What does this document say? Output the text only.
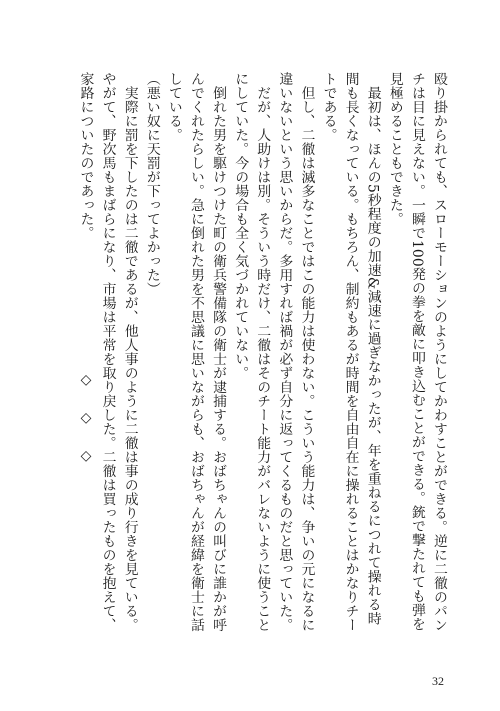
殴り掛かられても、スローモーションのようにしてかわすことができる。逆に二徹のパンチは目に見えない。一瞬で100発の拳を敵に叩き込むことができる。銃で撃たれても弾を見極めることもできた。

最初は、ほんの5秒程度の加速&減速に過ぎなかったが、年を重ねるにつれて操れる時間も長くなっている。もちろん、制約もあるが時間を自由自在に操れることはかなりチートである。

但し、二徹は滅多なことではこの能力は使わない。こういう能力は、争いの元になるに違いないという思いからだ。多用すれば禍が必ず自分に返ってくるものだと思っていた。

だが、人助けは別。そういう時だけ、二徹はそのチート能力がバレないように使うことにしていた。今の場合も全く気づかれていない。

倒れた男を駆けつけた町の衛兵警備隊の衛士が逮捕する。おばちゃんの叫びに誰かが呼んでくれたらしい。急に倒れた男を不思議に思いながらも、おばちゃんが経緯を衛士に話している。

（悪い奴に天罰が下ってよかった）

実際に罰を下したのは二徹であるが、他人事のように二徹は事の成り行きを見ている。やがて、野次馬もまばらになり、市場は平常を取り戻した。二徹は買ったものを抱えて、家路についたのであった。

◇◇◇
32
